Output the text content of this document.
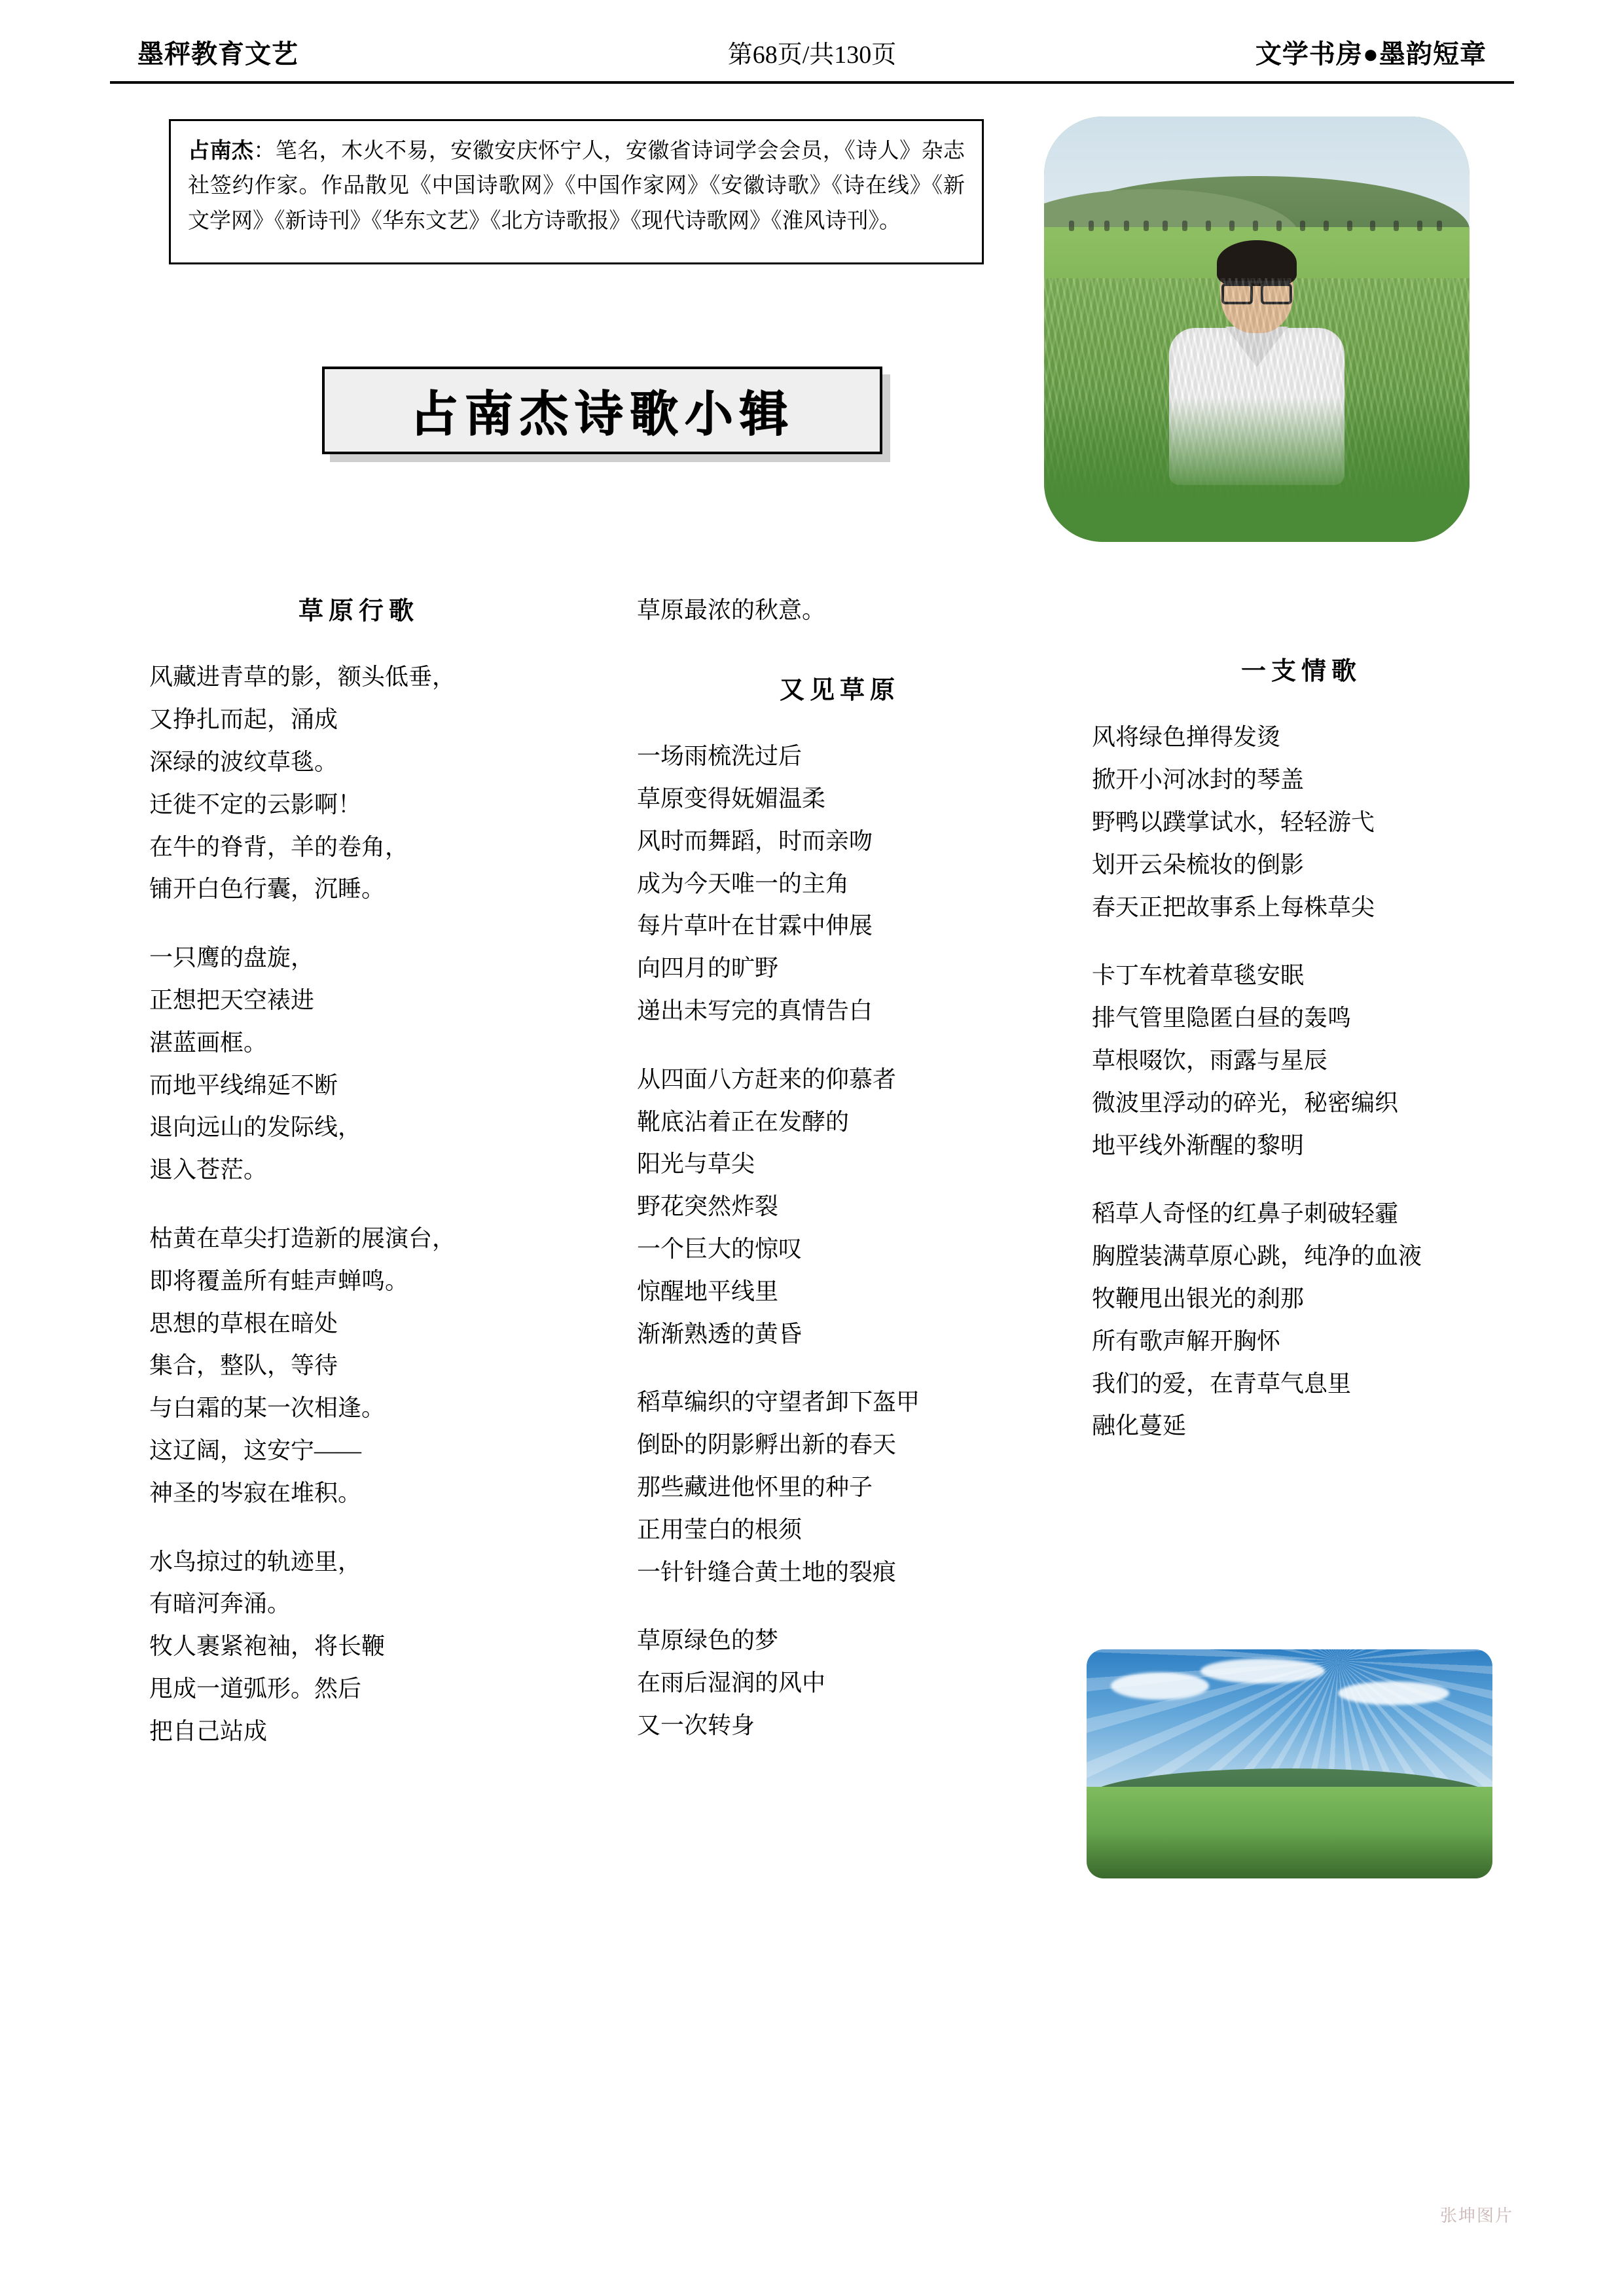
墨秤教育文艺	第68页/共130页	文学书房●墨韵短章
占南杰：笔名，木火不易，安徽安庆怀宁人，安徽省诗词学会会员，《诗人》杂志社签约作家。作品散见《中国诗歌网》《中国作家网》《安徽诗歌》《诗在线》《新文学网》《新诗刊》《华东文艺》《北方诗歌报》《现代诗歌网》《淮风诗刊》。
占南杰诗歌小辑
草原行歌
风藏进青草的影，额头低垂，
又挣扎而起，涌成
深绿的波纹草毯。
迁徙不定的云影啊！
在牛的脊背，羊的卷角，
铺开白色行囊，沉睡。
一只鹰的盘旋，
正想把天空裱进
湛蓝画框。
而地平线绵延不断
退向远山的发际线，
退入苍茫。
枯黄在草尖打造新的展演台，
即将覆盖所有蛙声蝉鸣。
思想的草根在暗处
集合，整队，等待
与白霜的某一次相逢。
这辽阔，这安宁——
神圣的岑寂在堆积。
水鸟掠过的轨迹里，
有暗河奔涌。
牧人裹紧袍袖，将长鞭
甩成一道弧形。然后
把自己站成
草原最浓的秋意。
又见草原
一场雨梳洗过后
草原变得妩媚温柔
风时而舞蹈，时而亲吻
成为今天唯一的主角
每片草叶在甘霖中伸展
向四月的旷野
递出未写完的真情告白
从四面八方赶来的仰慕者
靴底沾着正在发酵的
阳光与草尖
野花突然炸裂
一个巨大的惊叹
惊醒地平线里
渐渐熟透的黄昏
稻草编织的守望者卸下盔甲
倒卧的阴影孵出新的春天
那些藏进他怀里的种子
正用莹白的根须
一针针缝合黄土地的裂痕
草原绿色的梦
在雨后湿润的风中
又一次转身
一支情歌
风将绿色掸得发烫
掀开小河冰封的琴盖
野鸭以蹼掌试水，轻轻游弋
划开云朵梳妆的倒影
春天正把故事系上每株草尖
卡丁车枕着草毯安眠
排气管里隐匿白昼的轰鸣
草根啜饮，雨露与星辰
微波里浮动的碎光，秘密编织
地平线外渐醒的黎明
稻草人奇怪的红鼻子刺破轻霾
胸膛装满草原心跳，纯净的血液
牧鞭甩出银光的刹那
所有歌声解开胸怀
我们的爱，在青草气息里
融化蔓延
张坤图片
